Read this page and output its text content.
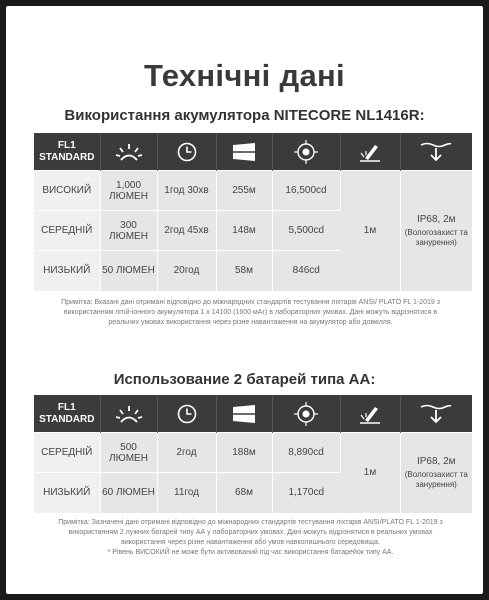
Технічні дані
Використання акумулятора NITECORE NL1416R:
FL1
STANDARD

ВИСОКИЙ	1,000 ЛЮМЕН	1год 30хв	255м	16,500cd	1м	IP68, 2м
(Вологозахист та занурення)

СЕРЕДНІЙ	300 ЛЮМЕН	2год 45хв	148м	5,500cd		
НИЗЬКИЙ	50 ЛЮМЕН	20год	58м	846cd		
Примітка: Вказані дані отримані відповідно до міжнародних стандартів тестування ліхтарів ANSI/ PLATO FL 1-2019 з використанням літій-іонного акумулятора 1 x 14100 (1600 мАг) в лабораторних умовах. Дані можуть відрізнятися в реальних умовах використання через різне навантаження на акумулятор або довкілля.
Использование 2 батарей типа АА:
FL1
STANDARD

СЕРЕДНІЙ	500 ЛЮМЕН	2год	188м	8,890cd	1м	IP68, 2м
(Вологозахист та занурення)

НИЗЬКИЙ	60 ЛЮМЕН	11год	68м	1,170cd		
Примітка: Зазначені дані отримані відповідно до міжнародних стандартів тестування ліхтарів ANSI/PLATO FL 1-2019 з використанням 2 лужних батарей типу АА у лабораторних умовах. Дані можуть відрізнятися в реальних умовах використання через різне навантаження або умов навколишнього середовища.
* Рівень ВИСОКИЙ не може бути активований під час використання батарейок типу АА.
